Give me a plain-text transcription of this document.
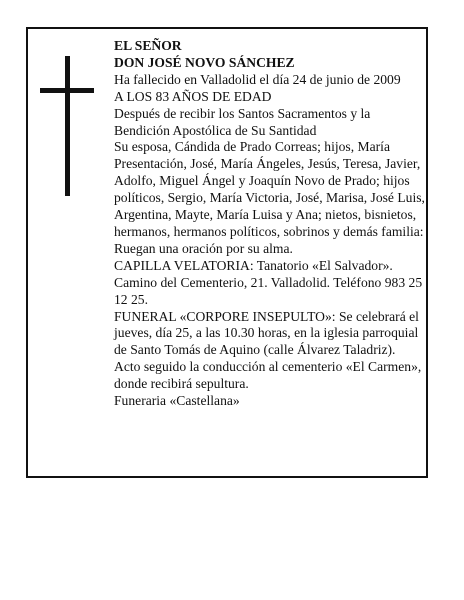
EL SEÑOR

DON JOSÉ NOVO SÁNCHEZ

Ha fallecido en Valladolid el día 24 de junio de 2009

A LOS 83 AÑOS DE EDAD

Después de recibir los Santos Sacramentos y la Bendición Apostólica de Su Santidad

Su esposa, Cándida de Prado Correas; hijos, María Presentación, José, María Ángeles, Jesús, Teresa, Javier, Adolfo, Miguel Ángel y Joaquín Novo de Prado; hijos políticos, Sergio, María Victoria, José, Marisa, José Luis, Argentina, Mayte, María Luisa y Ana; nietos, bisnietos, hermanos, hermanos políticos, sobrinos y demás familia:

Ruegan una oración por su alma.

CAPILLA VELATORIA: Tanatorio «El Salvador». Camino del Cementerio, 21. Valladolid. Teléfono 983 25 12 25.

FUNERAL «CORPORE INSEPULTO»: Se celebrará el jueves, día 25, a las 10.30 horas, en la iglesia parroquial de Santo Tomás de Aquino (calle Álvarez Taladriz).

Acto seguido la conducción al cementerio «El Carmen», donde recibirá sepultura.

Funeraria «Castellana»
